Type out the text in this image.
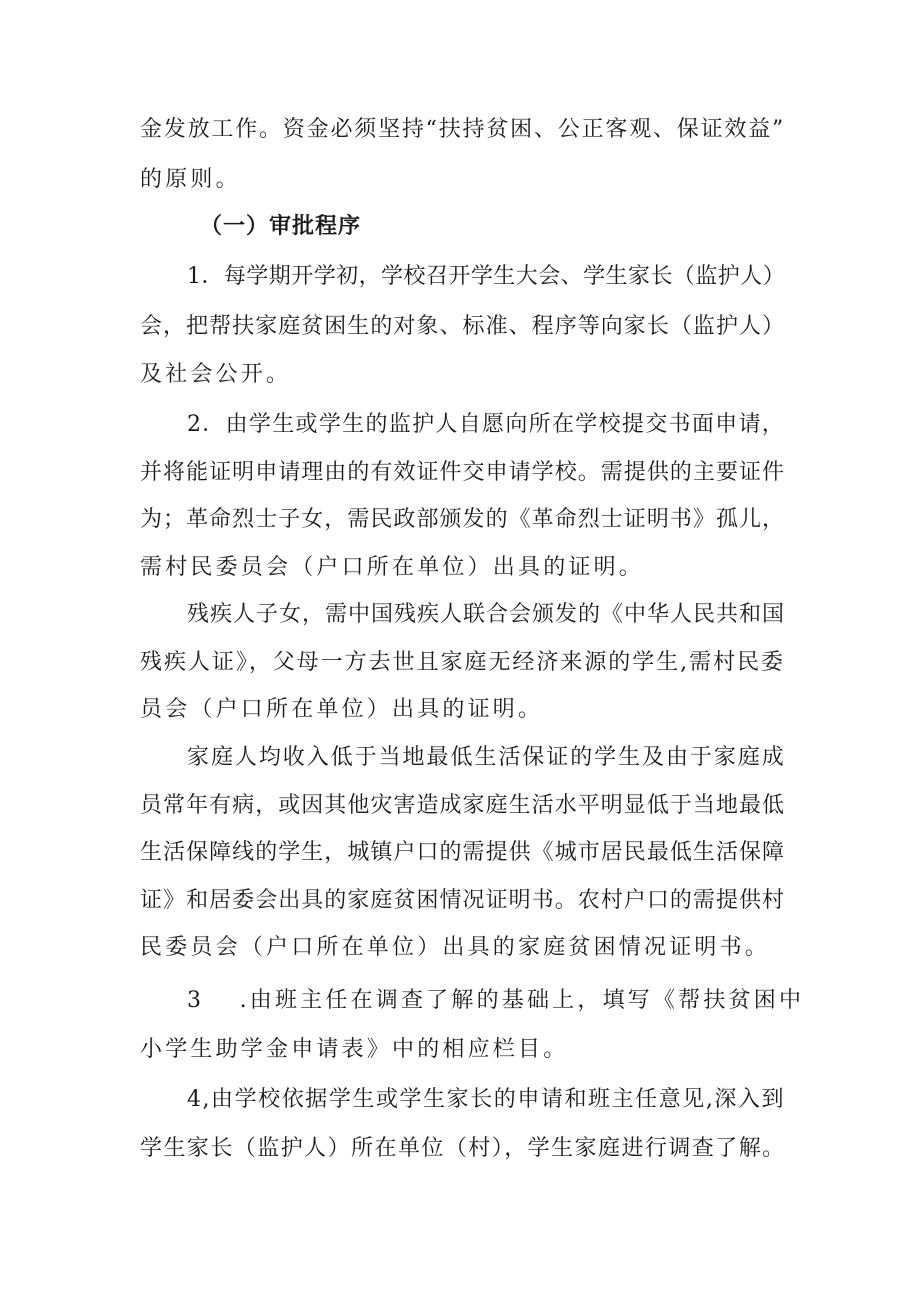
金发放工作。资金必须坚持“扶持贫困、公正客观、保证效益”
的原则。
（一）审批程序
1．每学期开学初，学校召开学生大会、学生家长（监护人）
会，把帮扶家庭贫困生的对象、标准、程序等向家长（监护人）
及社会公开。
2．由学生或学生的监护人自愿向所在学校提交书面申请，
并将能证明申请理由的有效证件交申请学校。需提供的主要证件
为；革命烈士子女，需民政部颁发的《革命烈士证明书》孤儿，
需村民委员会（户口所在单位）出具的证明。
残疾人子女，需中国残疾人联合会颁发的《中华人民共和国
残疾人证》，父母一方去世且家庭无经济来源的学生,需村民委
员会（户口所在单位）出具的证明。
家庭人均收入低于当地最低生活保证的学生及由于家庭成
员常年有病，或因其他灾害造成家庭生活水平明显低于当地最低
生活保障线的学生，城镇户口的需提供《城市居民最低生活保障
证》和居委会出具的家庭贫困情况证明书。农村户口的需提供村
民委员会（户口所在单位）出具的家庭贫困情况证明书。
3　 .由班主任在调查了解的基础上，填写《帮扶贫困中
小学生助学金申请表》中的相应栏目。
4,由学校依据学生或学生家长的申请和班主任意见,深入到
学生家长（监护人）所在单位（村），学生家庭进行调查了解。
